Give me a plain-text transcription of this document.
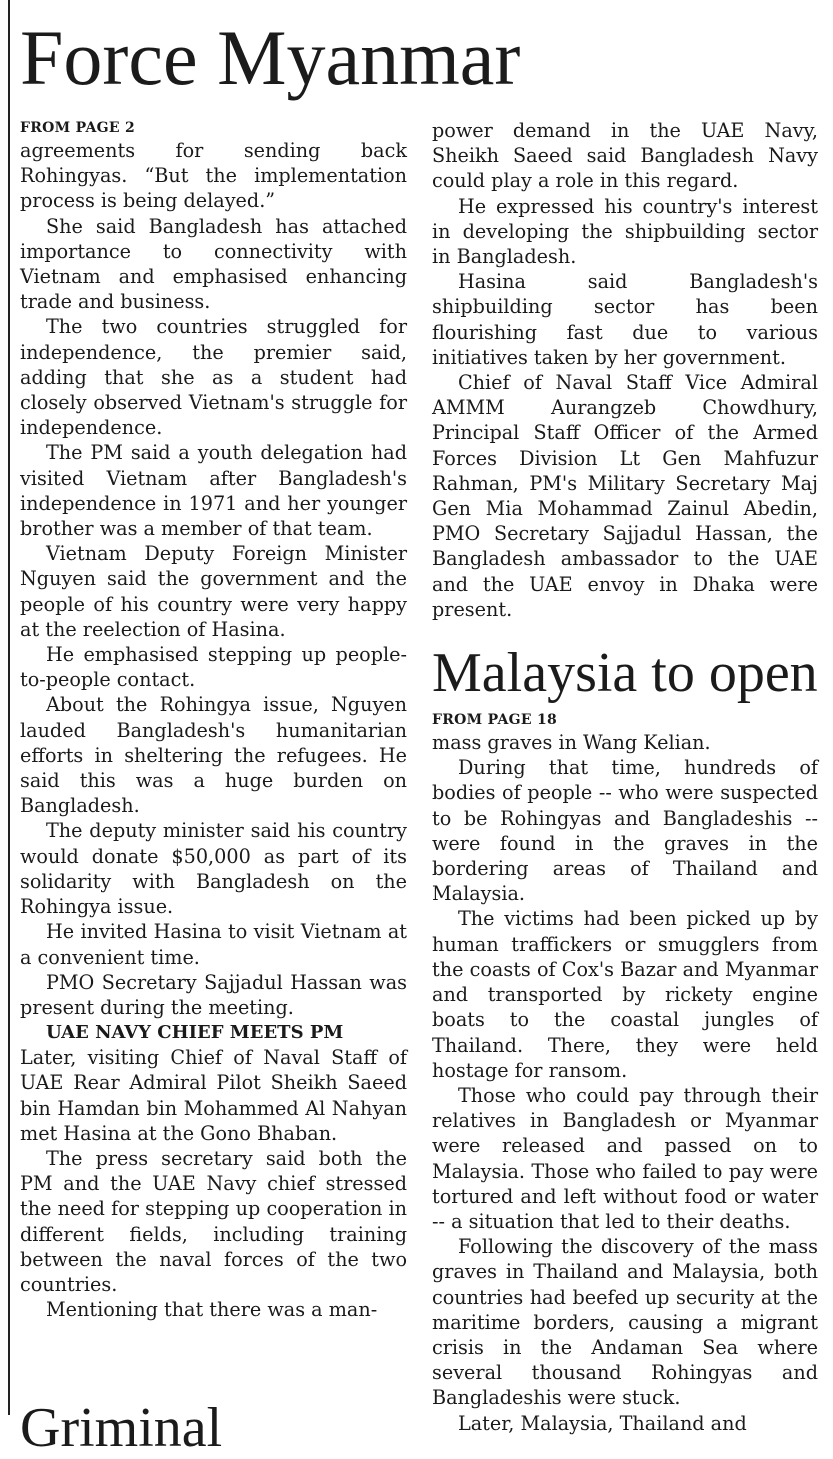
Force Myanmar
FROM PAGE 2

agreements for sending back Rohingyas. “But the implementation process is being delayed.”

She said Bangladesh has attached importance to connectivity with Vietnam and emphasised enhancing trade and business.

The two countries struggled for independence, the premier said, adding that she as a student had closely observed Vietnam's struggle for independence.

The PM said a youth delegation had visited Vietnam after Bangladesh's independence in 1971 and her younger brother was a member of that team.

Vietnam Deputy Foreign Minister Nguyen said the government and the people of his country were very happy at the reelection of Hasina.

He emphasised stepping up people-to-people contact.

About the Rohingya issue, Nguyen lauded Bangladesh's humanitarian efforts in sheltering the refugees. He said this was a huge burden on Bangladesh.

The deputy minister said his country would donate $50,000 as part of its solidarity with Bangladesh on the Rohingya issue.

He invited Hasina to visit Vietnam at a convenient time.

PMO Secretary Sajjadul Hassan was present during the meeting.

UAE NAVY CHIEF MEETS PM

Later, visiting Chief of Naval Staff of UAE Rear Admiral Pilot Sheikh Saeed bin Hamdan bin Mohammed Al Nahyan met Hasina at the Gono Bhaban.

The press secretary said both the PM and the UAE Navy chief stressed the need for stepping up cooperation in different fields, including training between the naval forces of the two countries.

Mentioning that there was a man-

power demand in the UAE Navy, Sheikh Saeed said Bangladesh Navy could play a role in this regard.

He expressed his country's interest in developing the shipbuilding sector in Bangladesh.

Hasina said Bangladesh's shipbuilding sector has been flourishing fast due to various initiatives taken by her government.

Chief of Naval Staff Vice Admiral AMMM Aurangzeb Chowdhury, Principal Staff Officer of the Armed Forces Division Lt Gen Mahfuzur Rahman, PM's Military Secretary Maj Gen Mia Mohammad Zainul Abedin, PMO Secretary Sajjadul Hassan, the Bangladesh ambassador to the UAE and the UAE envoy in Dhaka were present.

Malaysia to open
FROM PAGE 18

mass graves in Wang Kelian.

During that time, hundreds of bodies of people -- who were suspected to be Rohingyas and Bangladeshis -- were found in the graves in the bordering areas of Thailand and Malaysia.

The victims had been picked up by human traffickers or smugglers from the coasts of Cox's Bazar and Myanmar and transported by rickety engine boats to the coastal jungles of Thailand. There, they were held hostage for ransom.

Those who could pay through their relatives in Bangladesh or Myanmar were released and passed on to Malaysia. Those who failed to pay were tortured and left without food or water -- a situation that led to their deaths.

Following the discovery of the mass graves in Thailand and Malaysia, both countries had beefed up security at the maritime borders, causing a migrant crisis in the Andaman Sea where several thousand Rohingyas and Bangladeshis were stuck.

Later, Malaysia, Thailand and

Griminal
